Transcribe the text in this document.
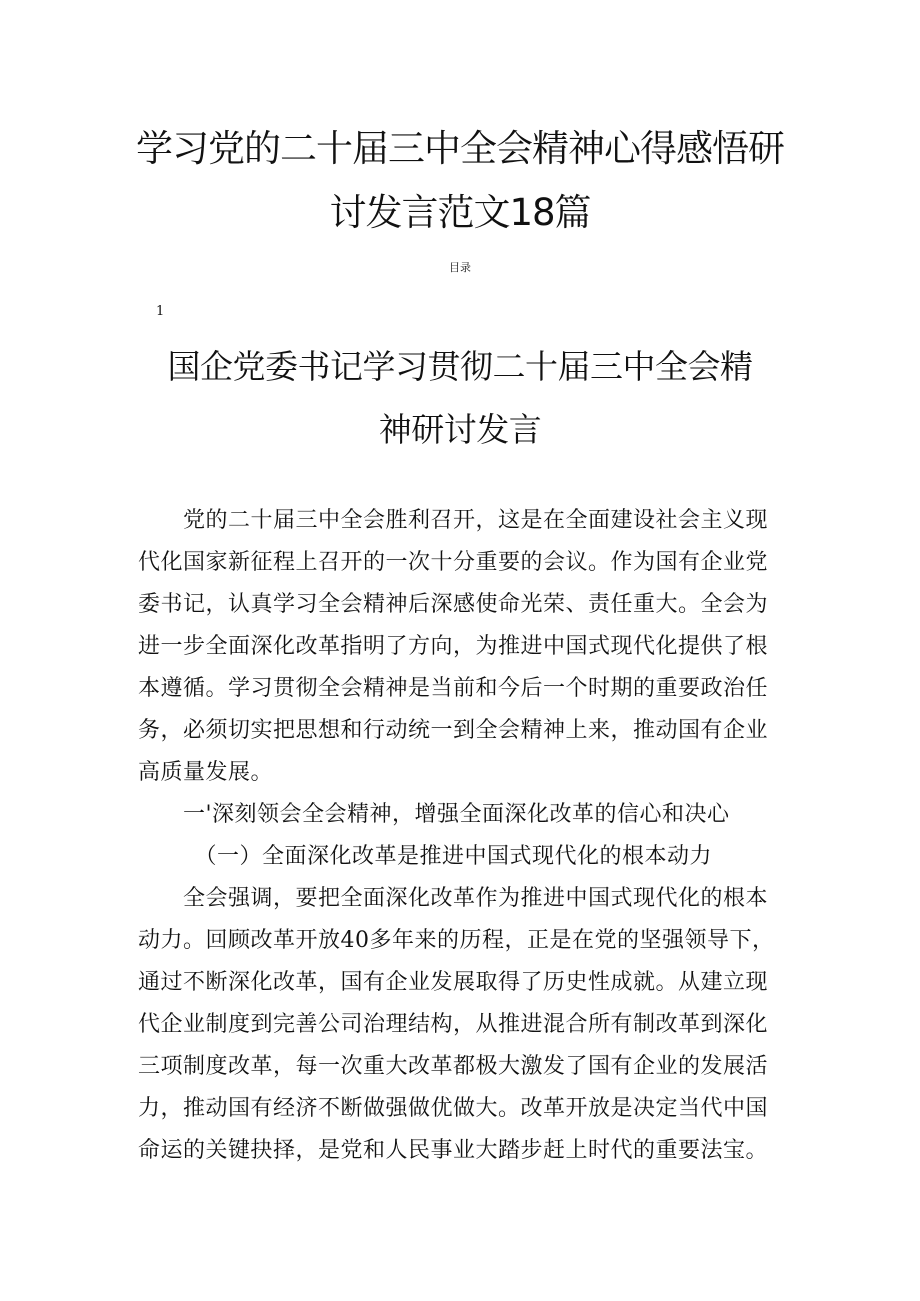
学习党的二十届三中全会精神心得感悟研
讨发言范文18篇
目录
1
国企党委书记学习贯彻二十届三中全会精
神研讨发言
　　党的二十届三中全会胜利召开，这是在全面建设社会主义现
代化国家新征程上召开的一次十分重要的会议。作为国有企业党
委书记，认真学习全会精神后深感使命光荣、责任重大。全会为
进一步全面深化改革指明了方向，为推进中国式现代化提供了根
本遵循。学习贯彻全会精神是当前和今后一个时期的重要政治任
务，必须切实把思想和行动统一到全会精神上来，推动国有企业
高质量发展。
　　一'深刻领会全会精神，增强全面深化改革的信心和决心
　　　（一）全面深化改革是推进中国式现代化的根本动力
　　全会强调，要把全面深化改革作为推进中国式现代化的根本
动力。回顾改革开放40多年来的历程，正是在党的坚强领导下，
通过不断深化改革，国有企业发展取得了历史性成就。从建立现
代企业制度到完善公司治理结构，从推进混合所有制改革到深化
三项制度改革，每一次重大改革都极大激发了国有企业的发展活
力，推动国有经济不断做强做优做大。改革开放是决定当代中国
命运的关键抉择，是党和人民事业大踏步赶上时代的重要法宝。
